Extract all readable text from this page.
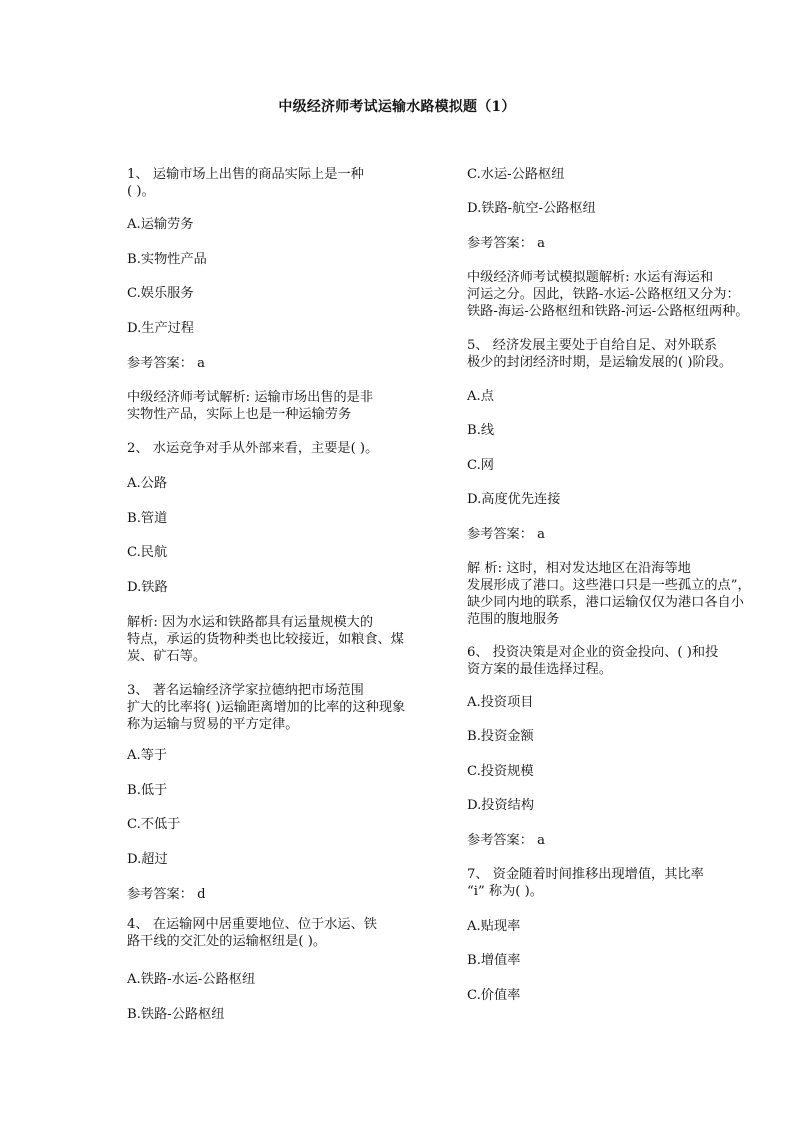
中级经济师考试运输水路模拟题（1）
1、 运输市场上出售的商品实际上是一种
( )。
A.运输劳务
B.实物性产品
C.娱乐服务
D.生产过程
参考答案： a
中级经济师考试解析: 运输市场出售的是非
实物性产品，实际上也是一种运输劳务
2、 水运竞争对手从外部来看，主要是( )。
A.公路
B.管道
C.民航
D.铁路
解析: 因为水运和铁路都具有运量规模大的
特点，承运的货物种类也比较接近，如粮食、煤
炭、矿石等。
3、 著名运输经济学家拉德纳把市场范围
扩大的比率将( )运输距离增加的比率的这种现象
称为运输与贸易的平方定律。
A.等于
B.低于
C.不低于
D.超过
参考答案： d
4、 在运输网中居重要地位、位于水运、铁
路干线的交汇处的运输枢纽是( )。
A.铁路-水运-公路枢纽
B.铁路-公路枢纽
C.水运-公路枢纽
D.铁路-航空-公路枢纽
参考答案： a
中级经济师考试模拟题解析: 水运有海运和
河运之分。因此，铁路-水运-公路枢纽又分为：
铁路-海运-公路枢纽和铁路-河运-公路枢纽两种。
5、 经济发展主要处于自给自足、对外联系
极少的封闭经济时期，是运输发展的( )阶段。
A.点
B.线
C.网
D.高度优先连接
参考答案： a
解 析: 这时，相对发达地区在沿海等地
发展形成了港口。这些港口只是一些孤立的点”，
缺少同内地的联系，港口运输仅仅为港口各自小
范围的腹地服务
6、 投资决策是对企业的资金投向、( )和投
资方案的最佳选择过程。
A.投资项目
B.投资金额
C.投资规模
D.投资结构
参考答案： a
7、 资金随着时间推移出现增值，其比率
“i” 称为( )。
A.贴现率
B.增值率
C.价值率
